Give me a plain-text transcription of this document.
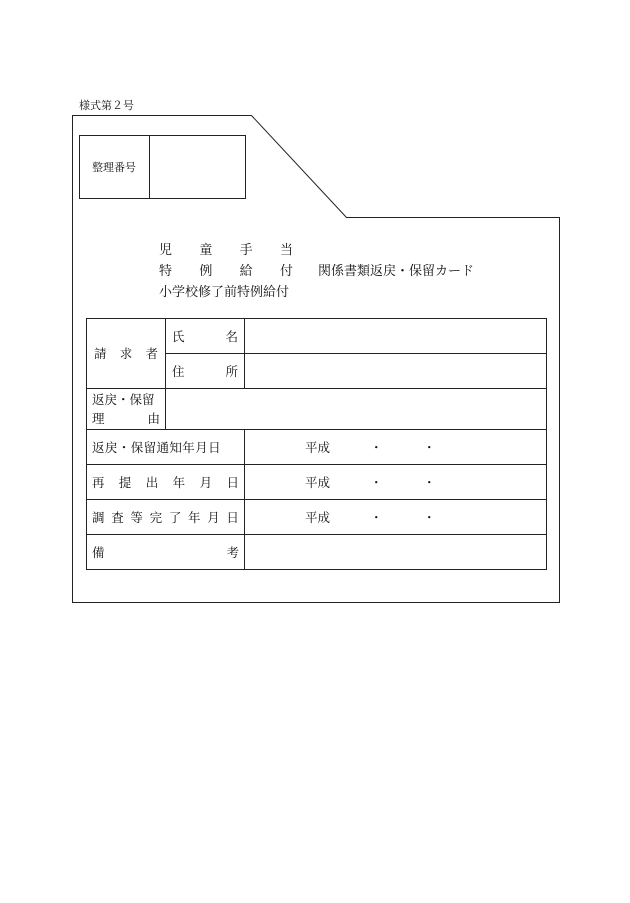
様式第２号
整理番号
児 童 手 当
特 例 給 付 関係書類返戻・保留カード
小学校修了前特例給付
請 求 者
氏	名
住	所
返戻・保留
理	由
返戻・保留通知年月日	平成	・	・
再 提 出 年 月 日	平成	・	・
調 査 等 完 了 年 月 日	平成	・	・
備	考
